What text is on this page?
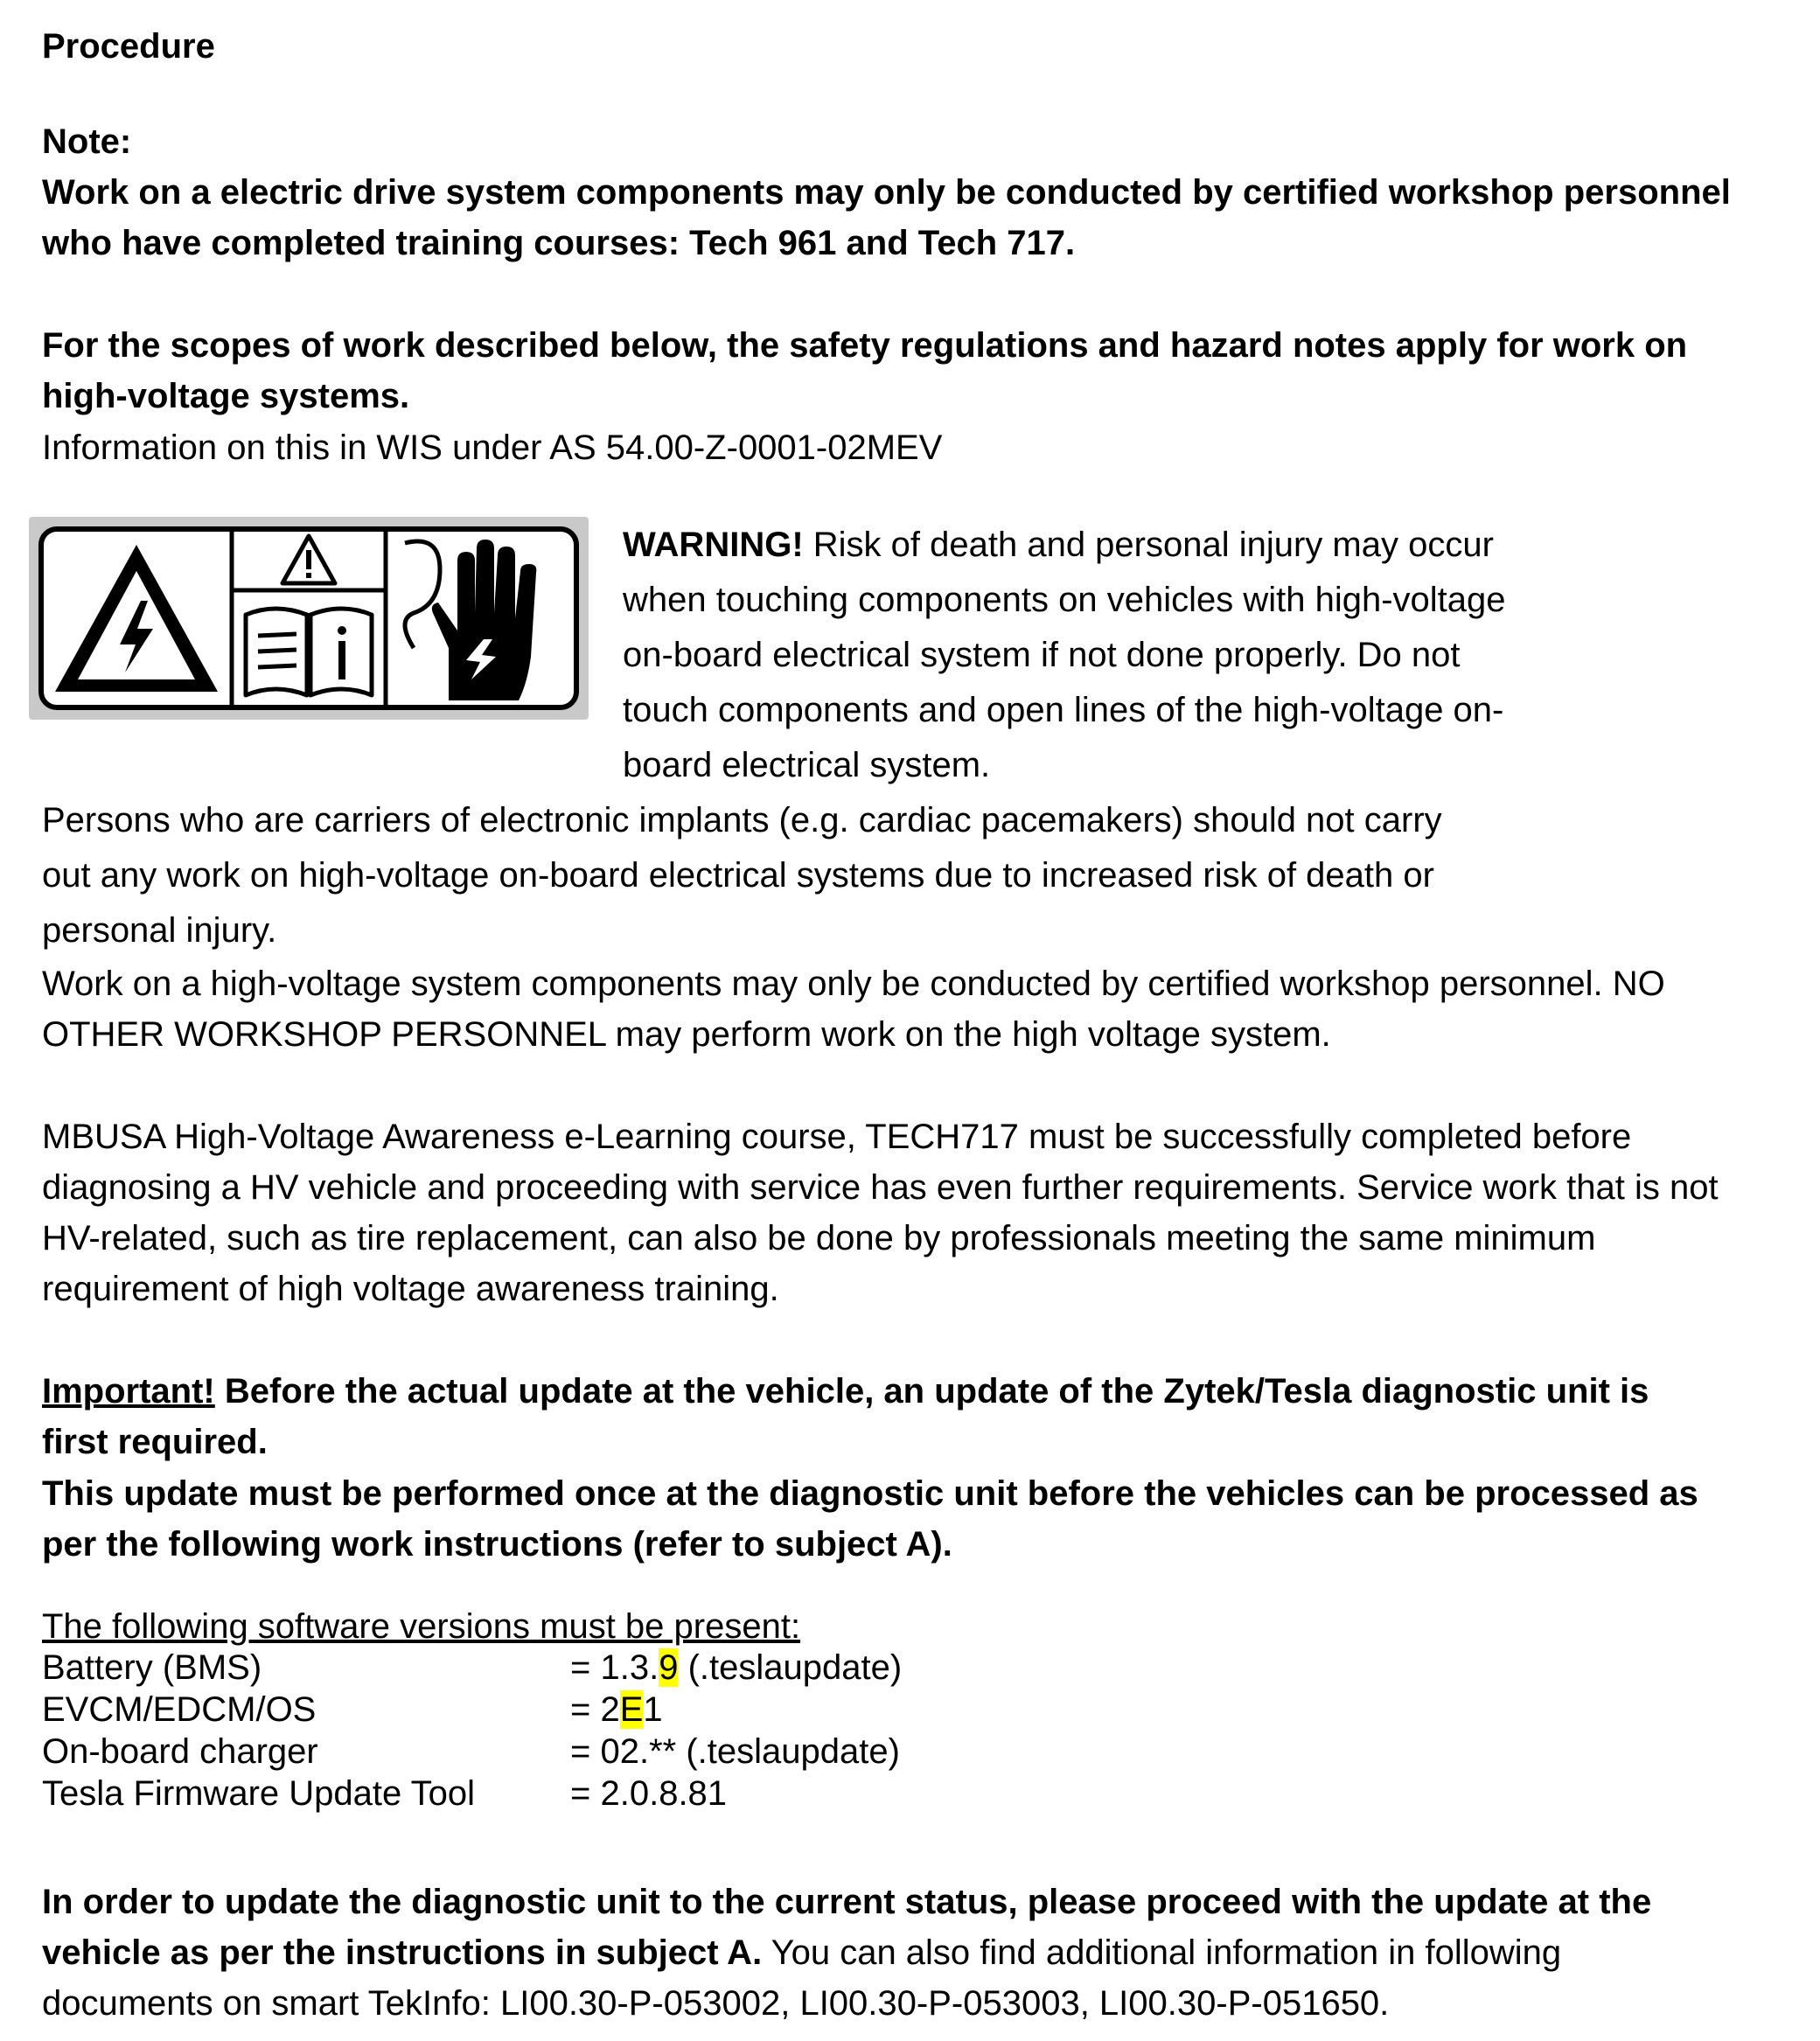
Procedure

Note:

Work on a electric drive system components may only be conducted by certified workshop personnel

who have completed training courses: Tech 961 and Tech 717.

For the scopes of work described below, the safety regulations and hazard notes apply for work on

high-voltage systems.

Information on this in WIS under AS 54.00-Z-0001-02MEV

WARNING! Risk of death and personal injury may occur
when touching components on vehicles with high-voltage
on-board electrical system if not done properly. Do not
touch components and open lines of the high-voltage on-
board electrical system.

Persons who are carriers of electronic implants (e.g. cardiac pacemakers) should not carry

out any work on high-voltage on-board electrical systems due to increased risk of death or

personal injury.

Work on a high-voltage system components may only be conducted by certified workshop personnel. NO

OTHER WORKSHOP PERSONNEL may perform work on the high voltage system.

MBUSA High-Voltage Awareness e-Learning course, TECH717 must be successfully completed before

diagnosing a HV vehicle and proceeding with service has even further requirements. Service work that is not

HV-related, such as tire replacement, can also be done by professionals meeting the same minimum

requirement of high voltage awareness training.

Important! Before the actual update at the vehicle, an update of the Zytek/Tesla diagnostic unit is

first required.

This update must be performed once at the diagnostic unit before the vehicles can be processed as

per the following work instructions (refer to subject A).

The following software versions must be present:

Battery (BMS)	= 1.3.9 (.teslaupdate)
EVCM/EDCM/OS	= 2E1
On-board charger	= 02.** (.teslaupdate)
Tesla Firmware Update Tool	= 2.0.8.81

In order to update the diagnostic unit to the current status, please proceed with the update at the

vehicle as per the instructions in subject A. You can also find additional information in following

documents on smart TekInfo: LI00.30-P-053002, LI00.30-P-053003, LI00.30-P-051650.
